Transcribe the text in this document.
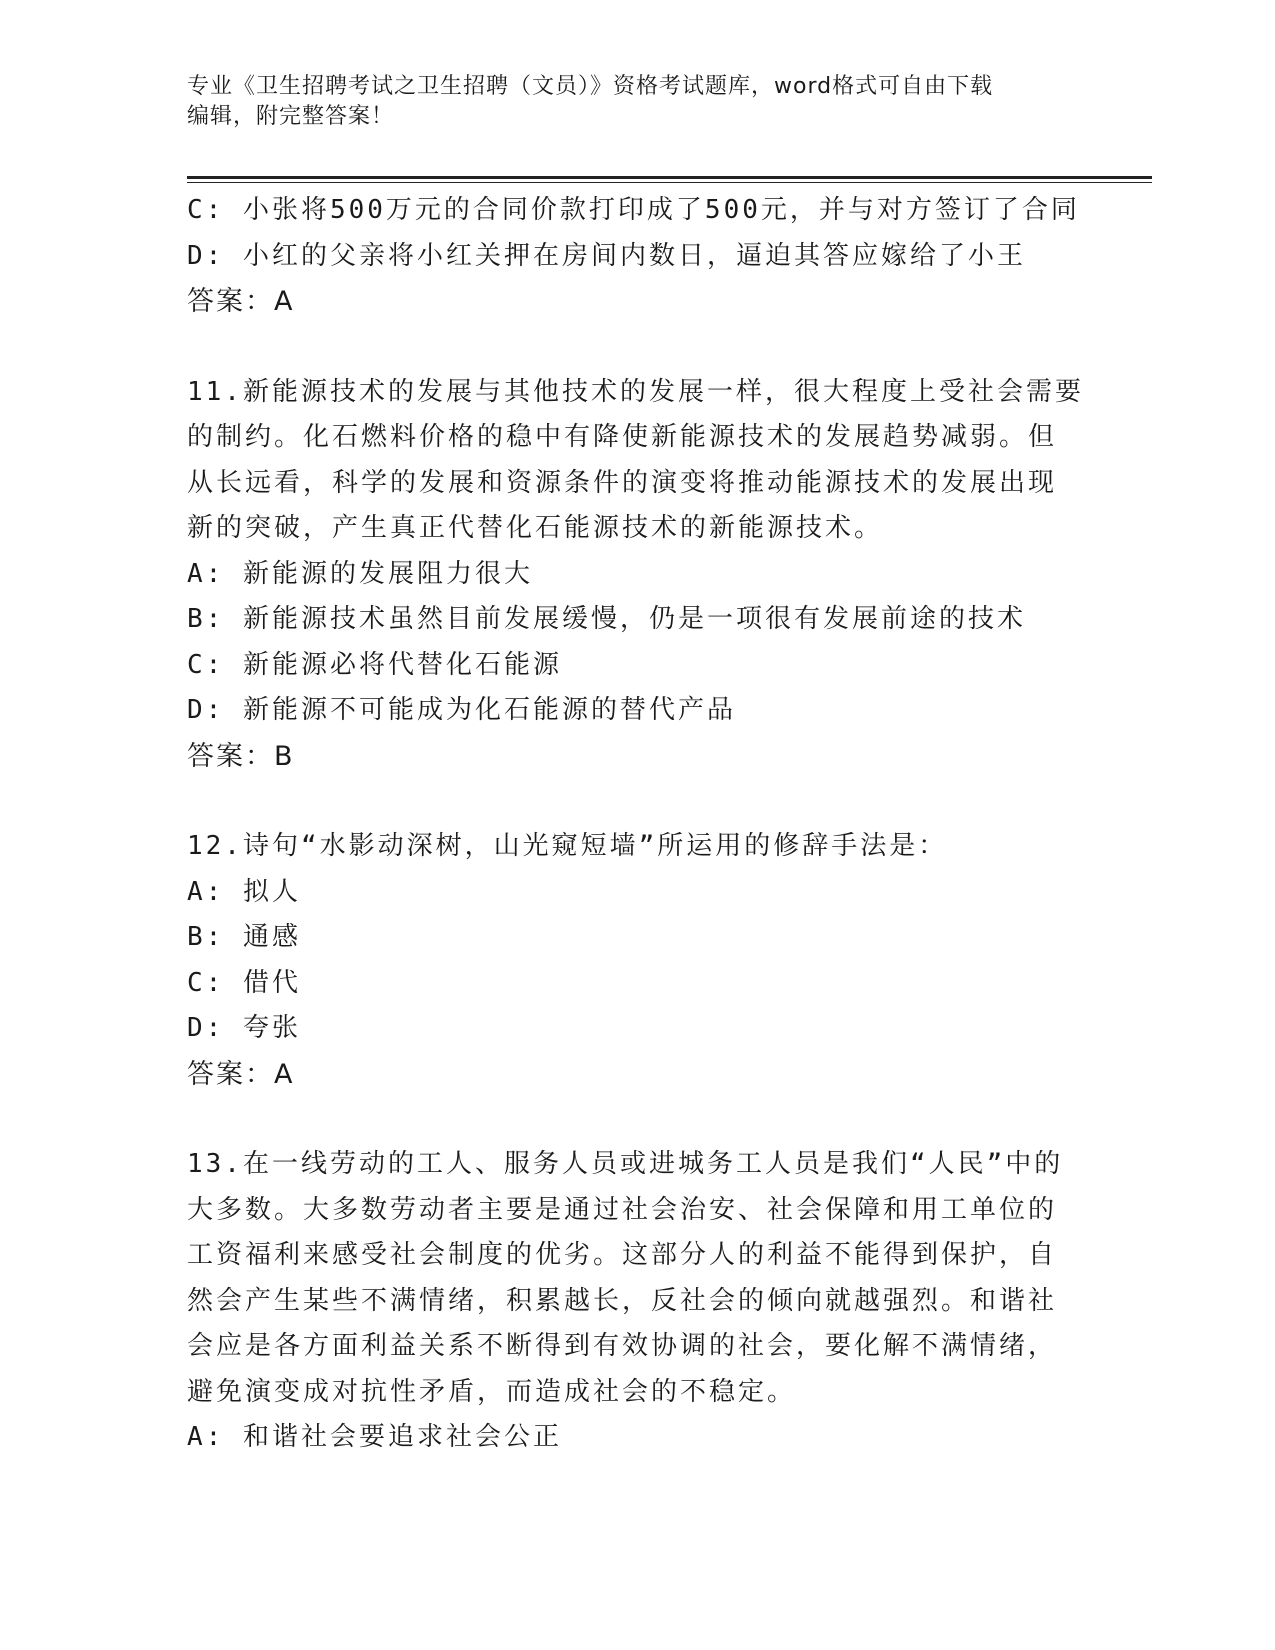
专业《卫生招聘考试之卫生招聘（文员）》资格考试题库，word格式可自由下载
编辑，附完整答案！
C: 小张将500万元的合同价款打印成了500元，并与对方签订了合同
D: 小红的父亲将小红关押在房间内数日，逼迫其答应嫁给了小王
答案：A
11.新能源技术的发展与其他技术的发展一样，很大程度上受社会需要
的制约。化石燃料价格的稳中有降使新能源技术的发展趋势减弱。但
从长远看，科学的发展和资源条件的演变将推动能源技术的发展出现
新的突破，产生真正代替化石能源技术的新能源技术。
A: 新能源的发展阻力很大
B: 新能源技术虽然目前发展缓慢，仍是一项很有发展前途的技术
C: 新能源必将代替化石能源
D: 新能源不可能成为化石能源的替代产品
答案：B
12.诗句“水影动深树，山光窥短墙”所运用的修辞手法是：
A: 拟人
B: 通感
C: 借代
D: 夸张
答案：A
13.在一线劳动的工人、服务人员或进城务工人员是我们“人民”中的
大多数。大多数劳动者主要是通过社会治安、社会保障和用工单位的
工资福利来感受社会制度的优劣。这部分人的利益不能得到保护，自
然会产生某些不满情绪，积累越长，反社会的倾向就越强烈。和谐社
会应是各方面利益关系不断得到有效协调的社会，要化解不满情绪，
避免演变成对抗性矛盾，而造成社会的不稳定。
A: 和谐社会要追求社会公正
